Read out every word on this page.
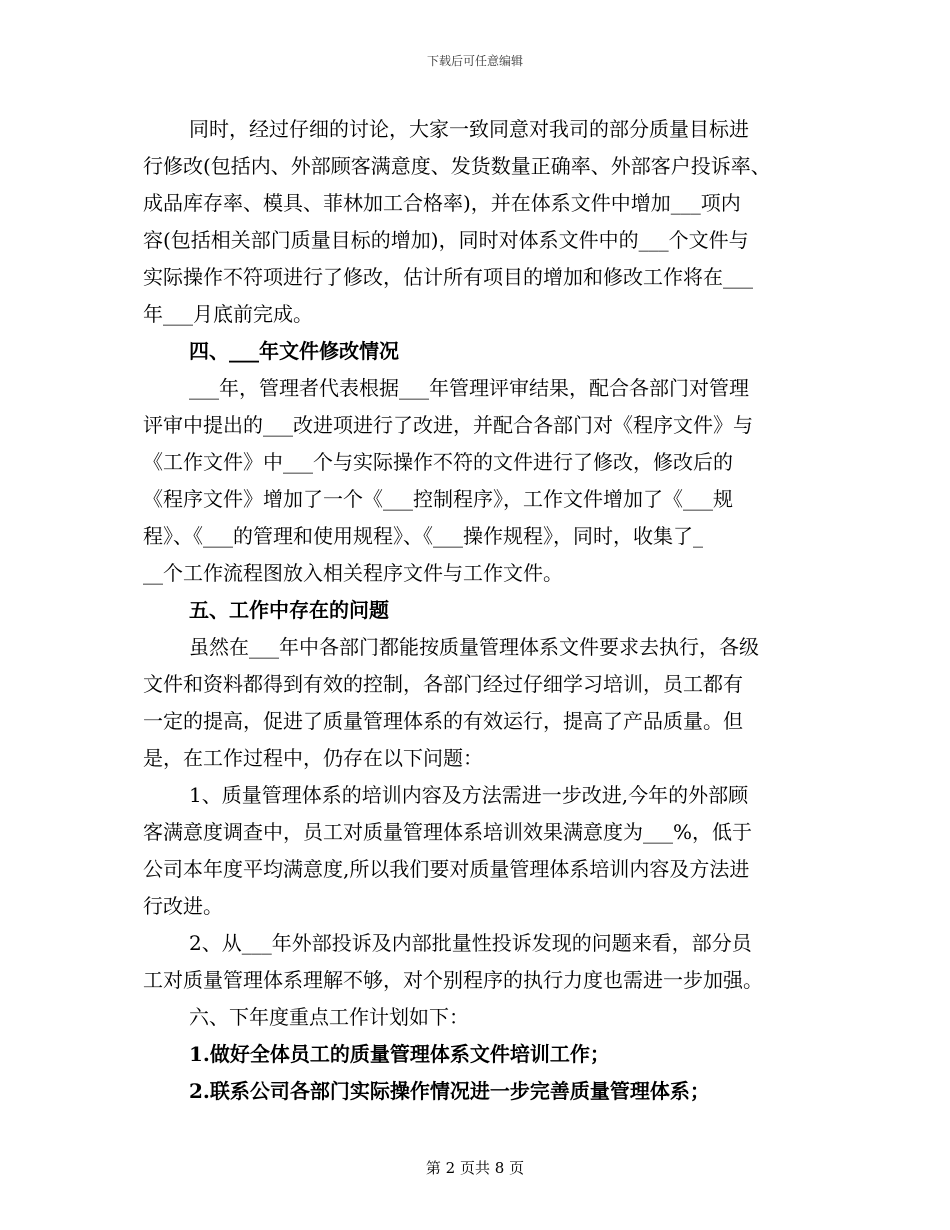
下载后可任意编辑
同时，经过仔细的讨论，大家一致同意对我司的部分质量目标进
行修改(包括内、外部顾客满意度、发货数量正确率、外部客户投诉率、
成品库存率、模具、菲林加工合格率)，并在体系文件中增加___项内
容(包括相关部门质量目标的增加)，同时对体系文件中的___个文件与
实际操作不符项进行了修改，估计所有项目的增加和修改工作将在___
年___月底前完成。
四、___年文件修改情况
___年，管理者代表根据___年管理评审结果，配合各部门对管理
评审中提出的___改进项进行了改进，并配合各部门对《程序文件》与
《工作文件》中___个与实际操作不符的文件进行了修改，修改后的
《程序文件》增加了一个《___控制程序》，工作文件增加了《___规
程》、《___的管理和使用规程》、《___操作规程》，同时，收集了_
__个工作流程图放入相关程序文件与工作文件。
五、工作中存在的问题
虽然在___年中各部门都能按质量管理体系文件要求去执行，各级
文件和资料都得到有效的控制，各部门经过仔细学习培训，员工都有
一定的提高，促进了质量管理体系的有效运行，提高了产品质量。但
是，在工作过程中，仍存在以下问题：
1、质量管理体系的培训内容及方法需进一步改进,今年的外部顾
客满意度调查中，员工对质量管理体系培训效果满意度为___%，低于
公司本年度平均满意度,所以我们要对质量管理体系培训内容及方法进
行改进。
2、从___年外部投诉及内部批量性投诉发现的问题来看，部分员
工对质量管理体系理解不够，对个别程序的执行力度也需进一步加强。
六、下年度重点工作计划如下：
1.做好全体员工的质量管理体系文件培训工作；
2.联系公司各部门实际操作情况进一步完善质量管理体系；
第 2 页共 8 页
